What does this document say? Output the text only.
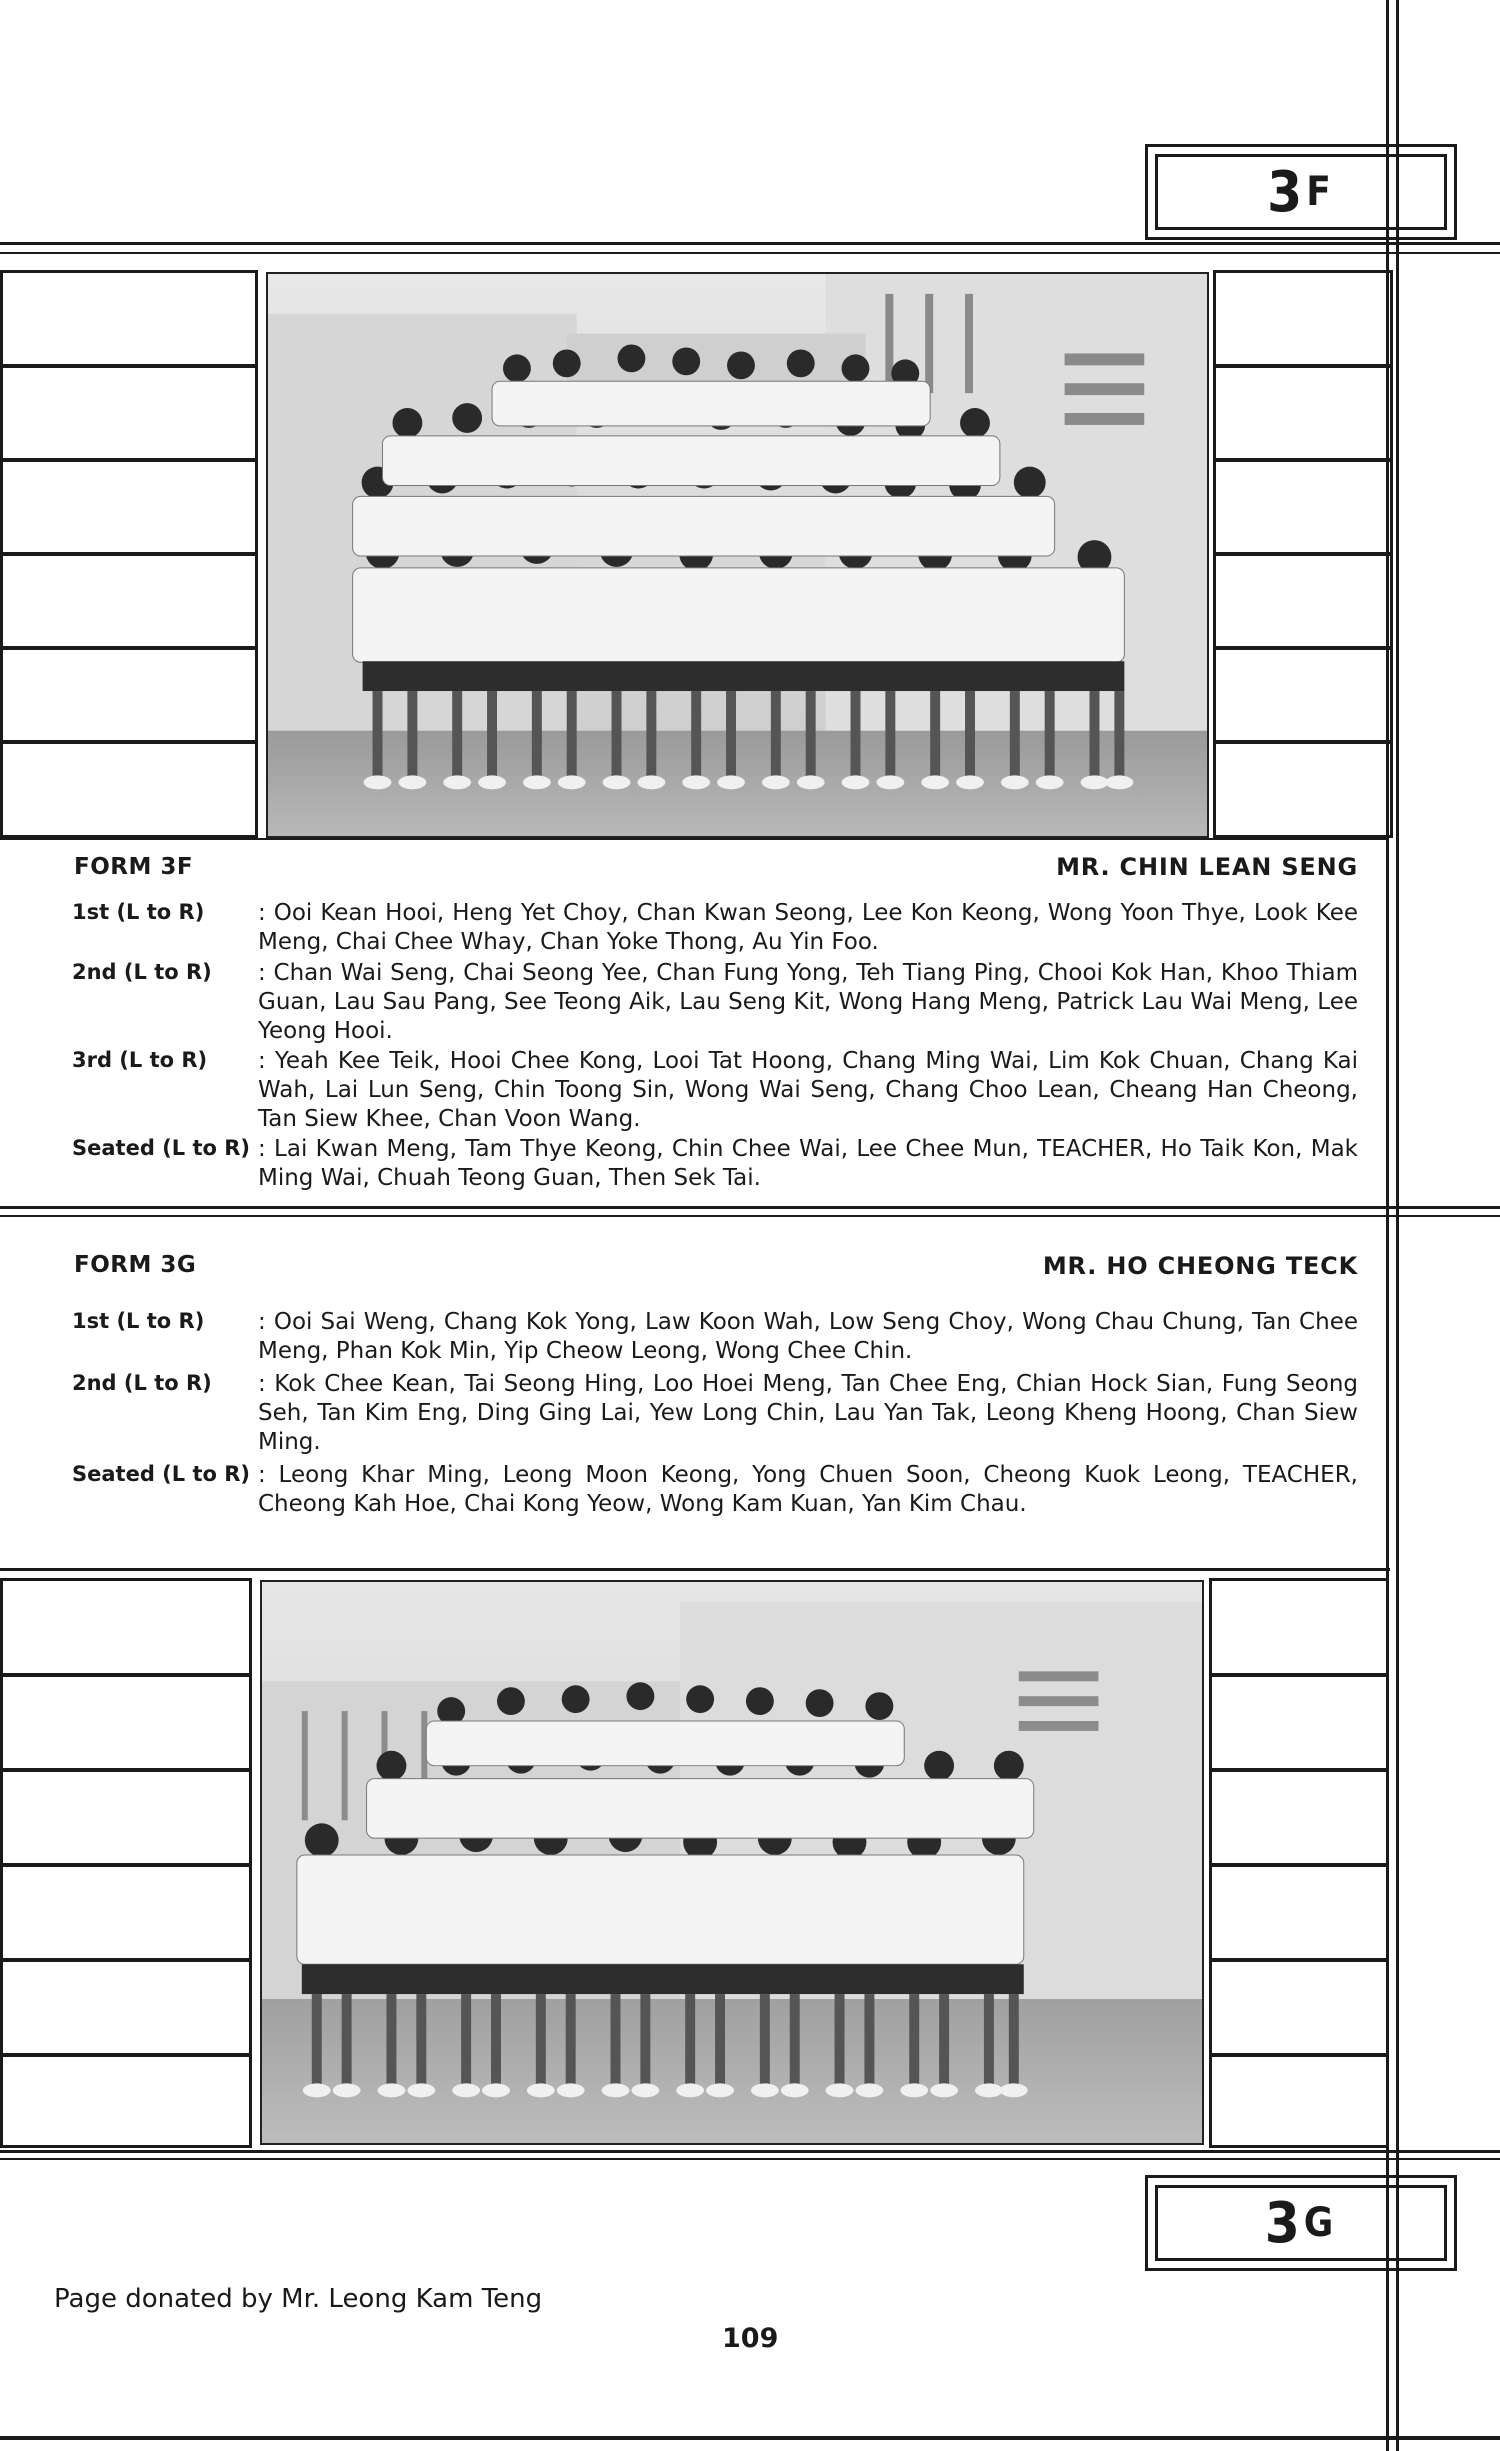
3 F
FORM 3F	MR. CHIN LEAN SENG
1st (L to R) : Ooi Kean Hooi, Heng Yet Choy, Chan Kwan Seong, Lee Kon Keong, Wong Yoon Thye, Look Kee Meng, Chai Chee Whay, Chan Yoke Thong, Au Yin Foo.
2nd (L to R) : Chan Wai Seng, Chai Seong Yee, Chan Fung Yong, Teh Tiang Ping, Chooi Kok Han, Khoo Thiam Guan, Lau Sau Pang, See Teong Aik, Lau Seng Kit, Wong Hang Meng, Patrick Lau Wai Meng, Lee Yeong Hooi.
3rd (L to R) : Yeah Kee Teik, Hooi Chee Kong, Looi Tat Hoong, Chang Ming Wai, Lim Kok Chuan, Chang Kai Wah, Lai Lun Seng, Chin Toong Sin, Wong Wai Seng, Chang Choo Lean, Cheang Han Cheong, Tan Siew Khee, Chan Voon Wang.
Seated (L to R) : Lai Kwan Meng, Tam Thye Keong, Chin Chee Wai, Lee Chee Mun, TEACHER, Ho Taik Kon, Mak Ming Wai, Chuah Teong Guan, Then Sek Tai.
FORM 3G	MR. HO CHEONG TECK
1st (L to R) : Ooi Sai Weng, Chang Kok Yong, Law Koon Wah, Low Seng Choy, Wong Chau Chung, Tan Chee Meng, Phan Kok Min, Yip Cheow Leong, Wong Chee Chin.
2nd (L to R) : Kok Chee Kean, Tai Seong Hing, Loo Hoei Meng, Tan Chee Eng, Chian Hock Sian, Fung Seong Seh, Tan Kim Eng, Ding Ging Lai, Yew Long Chin, Lau Yan Tak, Leong Kheng Hoong, Chan Siew Ming.
Seated (L to R) : Leong Khar Ming, Leong Moon Keong, Yong Chuen Soon, Cheong Kuok Leong, TEACHER, Cheong Kah Hoe, Chai Kong Yeow, Wong Kam Kuan, Yan Kim Chau.
3 G
Page donated by Mr. Leong Kam Teng
109
